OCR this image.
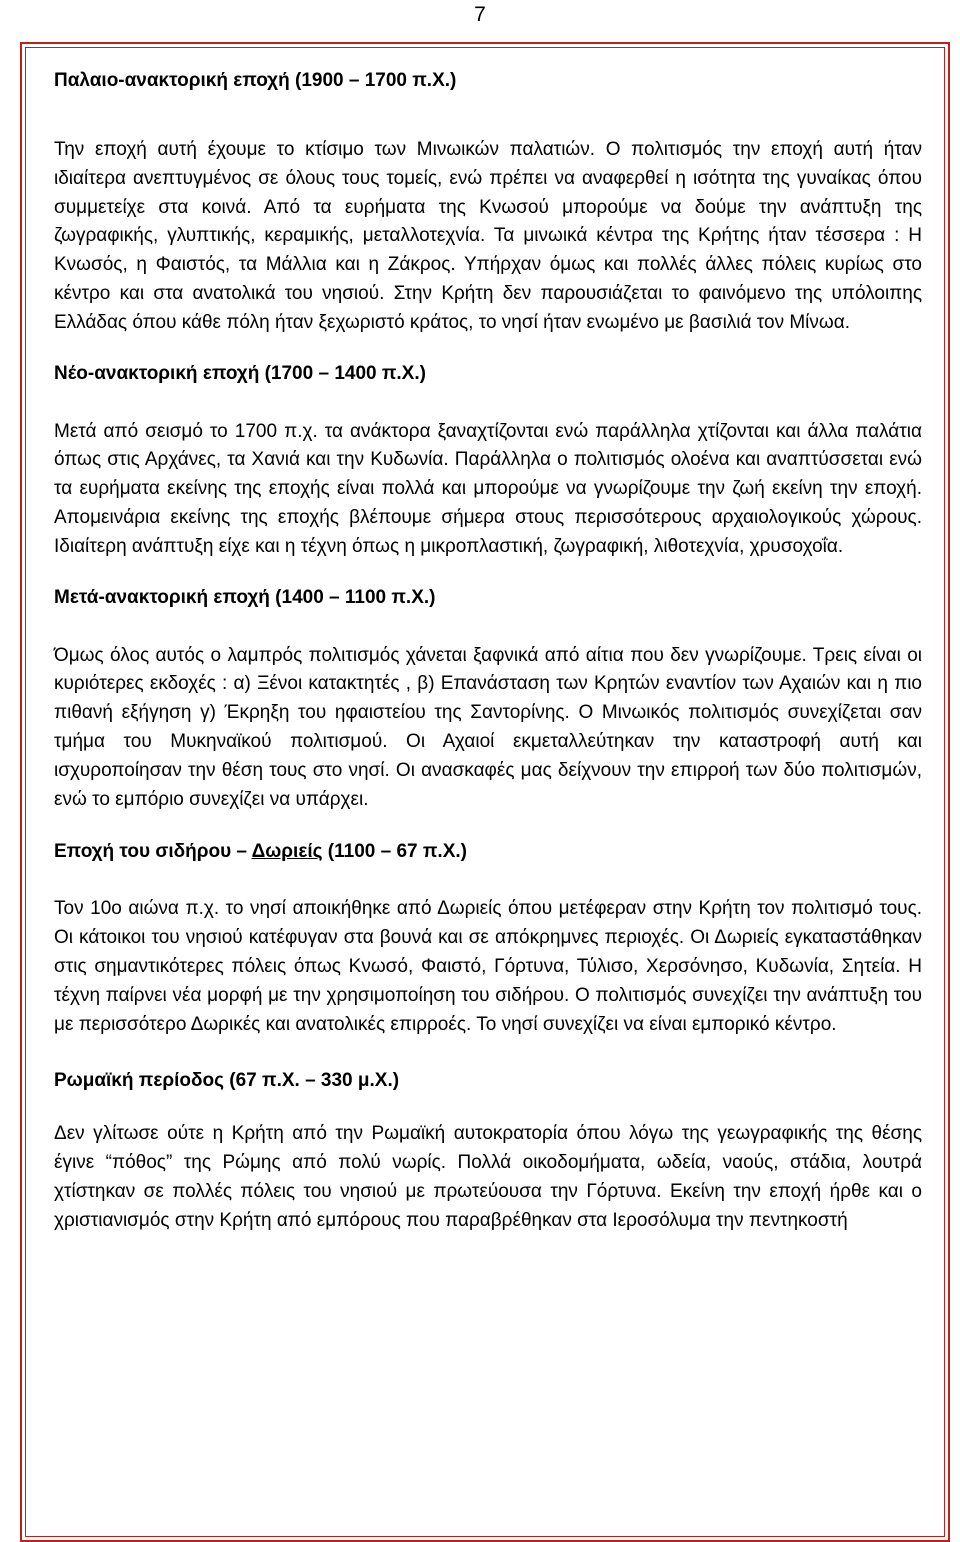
7
Παλαιο-ανακτορική εποχή (1900 – 1700 π.Χ.)

Την εποχή αυτή έχουμε το κτίσιμο των Μινωικών παλατιών. Ο πολιτισμός την εποχή αυτή ήταν ιδιαίτερα ανεπτυγμένος σε όλους τους τομείς, ενώ πρέπει να αναφερθεί η ισότητα της γυναίκας όπου συμμετείχε στα κοινά. Από τα ευρήματα της Κνωσού μπορούμε να δούμε την ανάπτυξη της ζωγραφικής, γλυπτικής, κεραμικής, μεταλλοτεχνία. Τα μινωικά κέντρα της Κρήτης ήταν τέσσερα : Η Κνωσός, η Φαιστός, τα Μάλλια και η Ζάκρος. Υπήρχαν όμως και πολλές άλλες πόλεις κυρίως στο κέντρο και στα ανατολικά του νησιού. Στην Κρήτη δεν παρουσιάζεται το φαινόμενο της υπόλοιπης Ελλάδας όπου κάθε πόλη ήταν ξεχωριστό κράτος, το νησί ήταν ενωμένο με βασιλιά τον Μίνωα.

Νέο-ανακτορική εποχή (1700 – 1400 π.Χ.)

Μετά από σεισμό το 1700 π.χ. τα ανάκτορα ξαναχτίζονται ενώ παράλληλα χτίζονται και άλλα παλάτια όπως στις Αρχάνες, τα Χανιά και την Κυδωνία. Παράλληλα ο πολιτισμός ολοένα και αναπτύσσεται ενώ τα ευρήματα εκείνης της εποχής είναι πολλά και μπορούμε να γνωρίζουμε την ζωή εκείνη την εποχή. Απομεινάρια εκείνης της εποχής βλέπουμε σήμερα στους περισσότερους αρχαιολογικούς χώρους. Ιδιαίτερη ανάπτυξη είχε και η τέχνη όπως η μικροπλαστική, ζωγραφική, λιθοτεχνία, χρυσοχοΐα.

Μετά-ανακτορική εποχή (1400 – 1100 π.Χ.)

Όμως όλος αυτός ο λαμπρός πολιτισμός χάνεται ξαφνικά από αίτια που δεν γνωρίζουμε. Τρεις είναι οι κυριότερες εκδοχές : α) Ξένοι κατακτητές , β) Επανάσταση των Κρητών εναντίον των Αχαιών και η πιο πιθανή εξήγηση γ) Έκρηξη του ηφαιστείου της Σαντορίνης. Ο Μινωικός πολιτισμός συνεχίζεται σαν τμήμα του Μυκηναϊκού πολιτισμού. Οι Αχαιοί εκμεταλλεύτηκαν την καταστροφή αυτή και ισχυροποίησαν την θέση τους στο νησί. Οι ανασκαφές μας δείχνουν την επιρροή των δύο πολιτισμών, ενώ το εμπόριο συνεχίζει να υπάρχει.

Εποχή του σιδήρου – Δωριείς (1100 – 67 π.Χ.)

Τον 10ο αιώνα π.χ. το νησί αποικήθηκε από Δωριείς όπου μετέφεραν στην Κρήτη τον πολιτισμό τους. Οι κάτοικοι του νησιού κατέφυγαν στα βουνά και σε απόκρημνες περιοχές. Οι Δωριείς εγκαταστάθηκαν στις σημαντικότερες πόλεις όπως Κνωσό, Φαιστό, Γόρτυνα, Τύλισο, Χερσόνησο, Κυδωνία, Σητεία. Η τέχνη παίρνει νέα μορφή με την χρησιμοποίηση του σιδήρου. Ο πολιτισμός συνεχίζει την ανάπτυξη του με περισσότερο Δωρικές και ανατολικές επιρροές. Το νησί συνεχίζει να είναι εμπορικό κέντρο.

Ρωμαϊκή περίοδος (67 π.Χ. – 330 μ.Χ.)

Δεν γλίτωσε ούτε η Κρήτη από την Ρωμαϊκή αυτοκρατορία όπου λόγω της γεωγραφικής της θέσης έγινε “πόθος” της Ρώμης από πολύ νωρίς. Πολλά οικοδομήματα, ωδεία, ναούς, στάδια, λουτρά χτίστηκαν σε πολλές πόλεις του νησιού με πρωτεύουσα την Γόρτυνα. Εκείνη την εποχή ήρθε και ο χριστιανισμός στην Κρήτη από εμπόρους που παραβρέθηκαν στα Ιεροσόλυμα την πεντηκοστή
